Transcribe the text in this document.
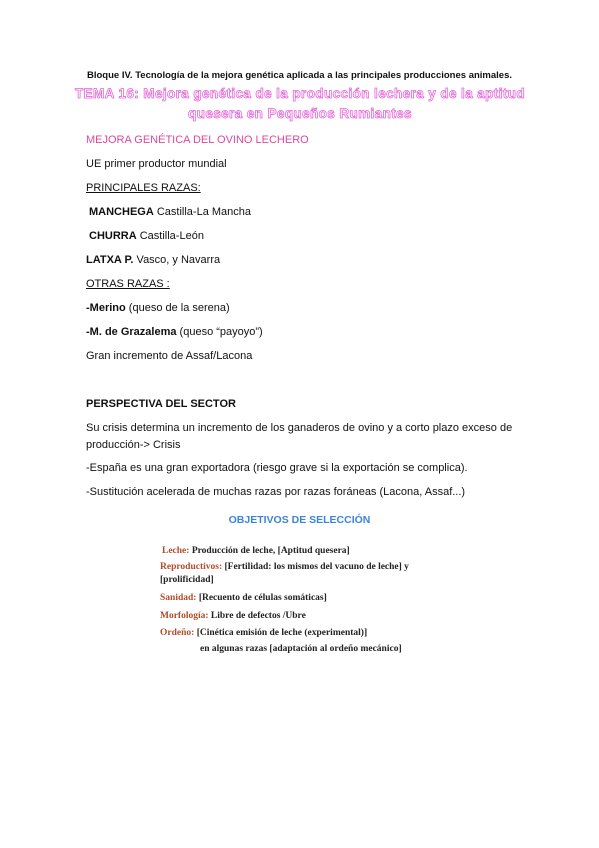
Bloque IV. Tecnología de la mejora genética aplicada a las principales producciones animales.
TEMA 16: Mejora genética de la producción lechera y de la aptitud quesera en Pequeños Rumiantes
MEJORA GENÉTICA DEL OVINO LECHERO
UE primer productor mundial
PRINCIPALES RAZAS:
MANCHEGA Castilla-La Mancha
CHURRA Castilla-León
LATXA P. Vasco, y Navarra
OTRAS RAZAS :
-Merino (queso de la serena)
-M. de Grazalema (queso “payoyo”)
Gran incremento de Assaf/Lacona
PERSPECTIVA DEL SECTOR
Su crisis determina un incremento de los ganaderos de ovino y a corto plazo exceso de producción-> Crisis
-España es una gran exportadora (riesgo grave si la exportación se complica).
-Sustitución acelerada de muchas razas por razas foráneas (Lacona, Assaf...)
OBJETIVOS DE SELECCIÓN
Leche: Producción de leche, [Aptitud quesera]
Reproductivos: [Fertilidad: los mismos del vacuno de leche] y
[prolificidad]
Sanidad: [Recuento de células somáticas]
Morfología: Libre de defectos /Ubre
Ordeño: [Cinética emisión de leche (experimental)]
en algunas razas [adaptación al ordeño mecánico]
